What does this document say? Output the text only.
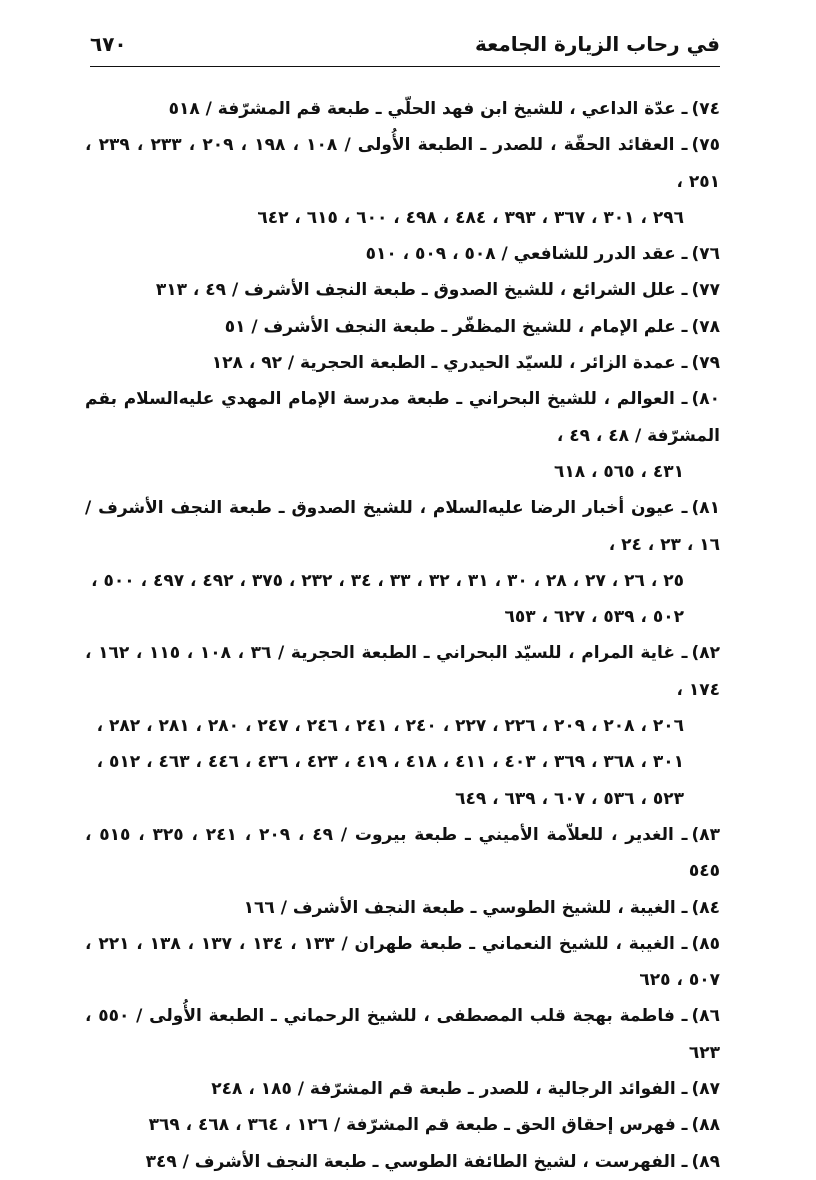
في رحاب الزيارة الجامعة
٦٧٠

٧٤)ـ عدّة الداعي ، للشيخ ابن فهد الحلّي ـ طبعة قم المشرّفة / ٥١٨

٧٥)ـ العقائد الحقّة ، للصدر ـ الطبعة الأُولى / ١٠٨ ، ١٩٨ ، ٢٠٩ ، ٢٣٣ ، ٢٣٩ ، ٢٥١ ،
٢٩٦ ، ٣٠١ ، ٣٦٧ ، ٣٩٣ ، ٤٨٤ ، ٤٩٨ ، ٦٠٠ ، ٦١٥ ، ٦٤٢

٧٦)ـ عقد الدرر للشافعي / ٥٠٨ ، ٥٠٩ ، ٥١٠

٧٧)ـ علل الشرائع ، للشيخ الصدوق ـ طبعة النجف الأشرف / ٤٩ ، ٣١٣

٧٨)ـ علم الإمام ، للشيخ المظفّر ـ طبعة النجف الأشرف / ٥١

٧٩)ـ عمدة الزائر ، للسيّد الحيدري ـ الطبعة الحجرية / ٩٢ ، ١٢٨

٨٠)ـ العوالم ، للشيخ البحراني ـ طبعة مدرسة الإمام المهدي عليه‌السلام بقم المشرّفة / ٤٨ ، ٤٩ ،
٤٣١ ، ٥٦٥ ، ٦١٨

٨١)ـ عيون أخبار الرضا عليه‌السلام ، للشيخ الصدوق ـ طبعة النجف الأشرف / ١٦ ، ٢٣ ، ٢٤ ،
٢٥ ، ٢٦ ، ٢٧ ، ٢٨ ، ٣٠ ، ٣١ ، ٣٢ ، ٣٣ ، ٣٤ ، ٢٣٢ ، ٣٧٥ ، ٤٩٢ ، ٤٩٧ ، ٥٠٠ ،
٥٠٢ ، ٥٣٩ ، ٦٢٧ ، ٦٥٣

٨٢)ـ غاية المرام ، للسيّد البحراني ـ الطبعة الحجرية / ٣٦ ، ١٠٨ ، ١١٥ ، ١٦٢ ، ١٧٤ ،
٢٠٦ ، ٢٠٨ ، ٢٠٩ ، ٢٢٦ ، ٢٢٧ ، ٢٤٠ ، ٢٤١ ، ٢٤٦ ، ٢٤٧ ، ٢٨٠ ، ٢٨١ ، ٢٨٢ ،
٣٠١ ، ٣٦٨ ، ٣٦٩ ، ٤٠٣ ، ٤١١ ، ٤١٨ ، ٤١٩ ، ٤٢٣ ، ٤٣٦ ، ٤٤٦ ، ٤٦٣ ، ٥١٢ ،
٥٢٣ ، ٥٣٦ ، ٦٠٧ ، ٦٣٩ ، ٦٤٩

٨٣)ـ الغدير ، للعلاّمة الأميني ـ طبعة بيروت / ٤٩ ، ٢٠٩ ، ٢٤١ ، ٣٢٥ ، ٥١٥ ، ٥٤٥

٨٤)ـ الغيبة ، للشيخ الطوسي ـ طبعة النجف الأشرف / ١٦٦

٨٥)ـ الغيبة ، للشيخ النعماني ـ طبعة طهران / ١٣٣ ، ١٣٤ ، ١٣٧ ، ١٣٨ ، ٢٢١ ، ٥٠٧ ، ٦٢٥

٨٦)ـ فاطمة بهجة قلب المصطفى ، للشيخ الرحماني ـ الطبعة الأُولى / ٥٥٠ ، ٦٢٣

٨٧)ـ الفوائد الرجالية ، للصدر ـ طبعة قم المشرّفة / ١٨٥ ، ٢٤٨

٨٨)ـ فهرس إحقاق الحق ـ طبعة قم المشرّفة / ١٢٦ ، ٣٦٤ ، ٤٦٨ ، ٣٦٩

٨٩)ـ الفهرست ، لشيخ الطائفة الطوسي ـ طبعة النجف الأشرف / ٣٤٩
